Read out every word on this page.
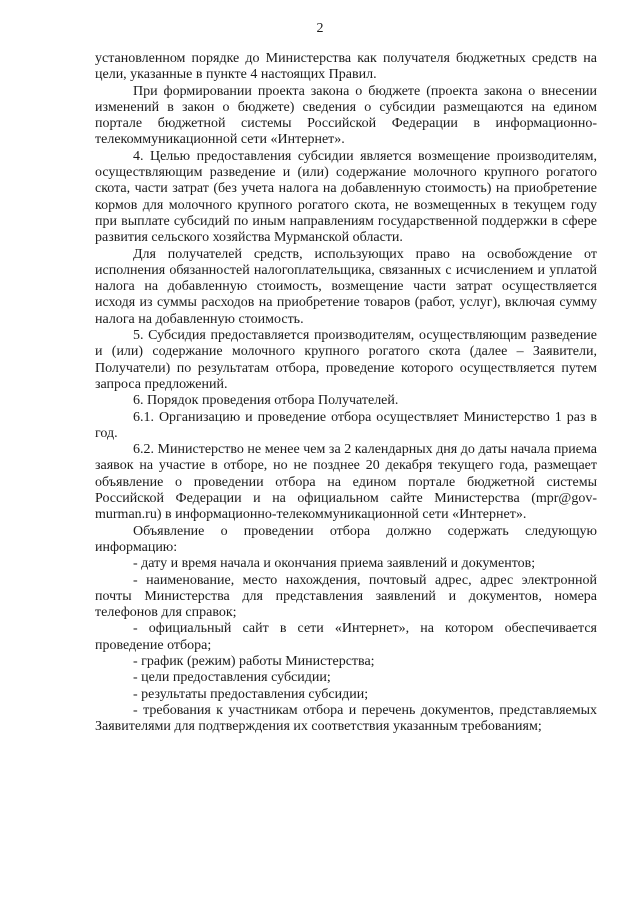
2

установленном порядке до Министерства как получателя бюджетных средств на цели, указанные в пункте 4 настоящих Правил.

При формировании проекта закона о бюджете (проекта закона о внесении изменений в закон о бюджете) сведения о субсидии размещаются на едином портале бюджетной системы Российской Федерации в информационно-телекоммуникационной сети «Интернет».

4. Целью предоставления субсидии является возмещение производителям, осуществляющим разведение и (или) содержание молочного крупного рогатого скота, части затрат (без учета налога на добавленную стоимость) на приобретение кормов для молочного крупного рогатого скота, не возмещенных в текущем году при выплате субсидий по иным направлениям государственной поддержки в сфере развития сельского хозяйства Мурманской области.

Для получателей средств, использующих право на освобождение от исполнения обязанностей налогоплательщика, связанных с исчислением и уплатой налога на добавленную стоимость, возмещение части затрат осуществляется исходя из суммы расходов на приобретение товаров (работ, услуг), включая сумму налога на добавленную стоимость.

5. Субсидия предоставляется производителям, осуществляющим разведение и (или) содержание молочного крупного рогатого скота (далее – Заявители, Получатели) по результатам отбора, проведение которого осуществляется путем запроса предложений.

6. Порядок проведения отбора Получателей.

6.1. Организацию и проведение отбора осуществляет Министерство 1 раз в год.

6.2. Министерство не менее чем за 2 календарных дня до даты начала приема заявок на участие в отборе, но не позднее 20 декабря текущего года, размещает объявление о проведении отбора на едином портале бюджетной системы Российской Федерации и на официальном сайте Министерства (mpr@gov-murman.ru) в информационно-телекоммуникационной сети «Интернет».

Объявление о проведении отбора должно содержать следующую информацию:

- дату и время начала и окончания приема заявлений и документов;

- наименование, место нахождения, почтовый адрес, адрес электронной почты Министерства для представления заявлений и документов, номера телефонов для справок;

- официальный сайт в сети «Интернет», на котором обеспечивается проведение отбора;

- график (режим) работы Министерства;

- цели предоставления субсидии;

- результаты предоставления субсидии;

- требования к участникам отбора и перечень документов, представляемых Заявителями для подтверждения их соответствия указанным требованиям;
